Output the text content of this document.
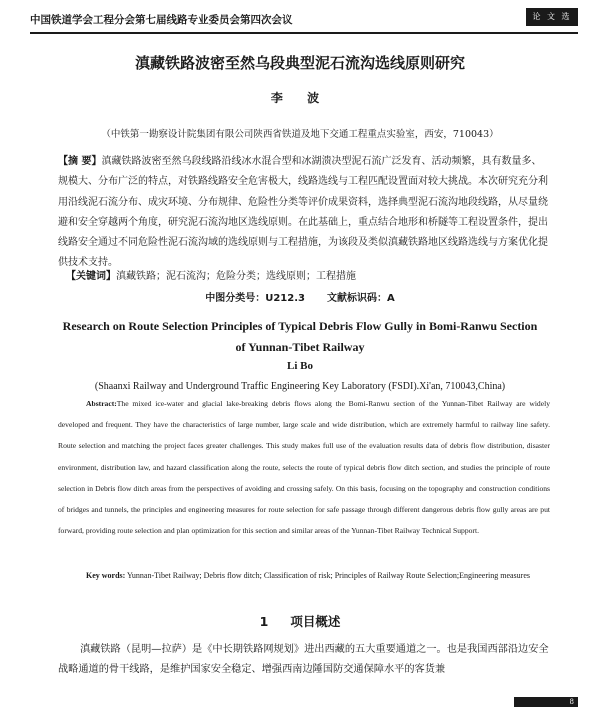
中国铁道学会工程分会第七届线路专业委员会第四次会议	论 文 选
滇藏铁路波密至然乌段典型泥石流沟选线原则研究
李 波
（中铁第一勘察设计院集团有限公司陕西省铁道及地下交通工程重点实验室，西安，710043）
【摘 要】滇藏铁路波密至然乌段线路沿线冰水混合型和冰湖溃决型泥石流广泛发育、活动频繁，具有数量多、规模大、分布广泛的特点，对铁路线路安全危害极大，线路选线与工程匹配设置面对较大挑战。本次研究充分利用沿线泥石流分布、成灾环境、分布规律、危险性分类等评价成果资料，选择典型泥石流沟地段线路，从尽量绕避和安全穿越两个角度，研究泥石流沟地区选线原则。在此基础上，重点结合地形和桥隧等工程设置条件，提出线路安全通过不同危险性泥石流沟域的选线原则与工程措施，为该段及类似滇藏铁路地区线路选线与方案优化提供技术支持。
【关键词】滇藏铁路；泥石流沟；危险分类；选线原则；工程措施
中图分类号：U212.3 文献标识码：A
Research on Route Selection Principles of Typical Debris Flow Gully in Bomi-Ranwu Section of Yunnan-Tibet Railway
Li Bo
(Shaanxi Railway and Underground Traffic Engineering Key Laboratory (FSDI).Xi'an, 710043,China)
Abstract:The mixed ice-water and glacial lake-breaking debris flows along the Bomi-Ranwu section of the Yunnan-Tibet Railway are widely developed and frequent. They have the characteristics of large number, large scale and wide distribution, which are extremely harmful to railway line safety. Route selection and matching the project faces greater challenges. This study makes full use of the evaluation results data of debris flow distribution, disaster environment, distribution law, and hazard classification along the route, selects the route of typical debris flow ditch section, and studies the principle of route selection in Debris flow ditch areas from the perspectives of avoiding and crossing safely. On this basis, focusing on the topography and construction conditions of bridges and tunnels, the principles and engineering measures for route selection for safe passage through different dangerous debris flow gully areas are put forward, providing route selection and plan optimization for this section and similar areas of the Yunnan-Tibet Railway Technical Support.
Key words: Yunnan-Tibet Railway; Debris flow ditch; Classification of risk; Principles of Railway Route Selection;Engineering measures
1 项目概述
滇藏铁路（昆明—拉萨）是《中长期铁路网规划》进出西藏的五大重要通道之一。也是我国西部沿边安全战略通道的骨干线路，是维护国家安全稳定、增强西南边陲国防交通保障水平的客货兼
8
